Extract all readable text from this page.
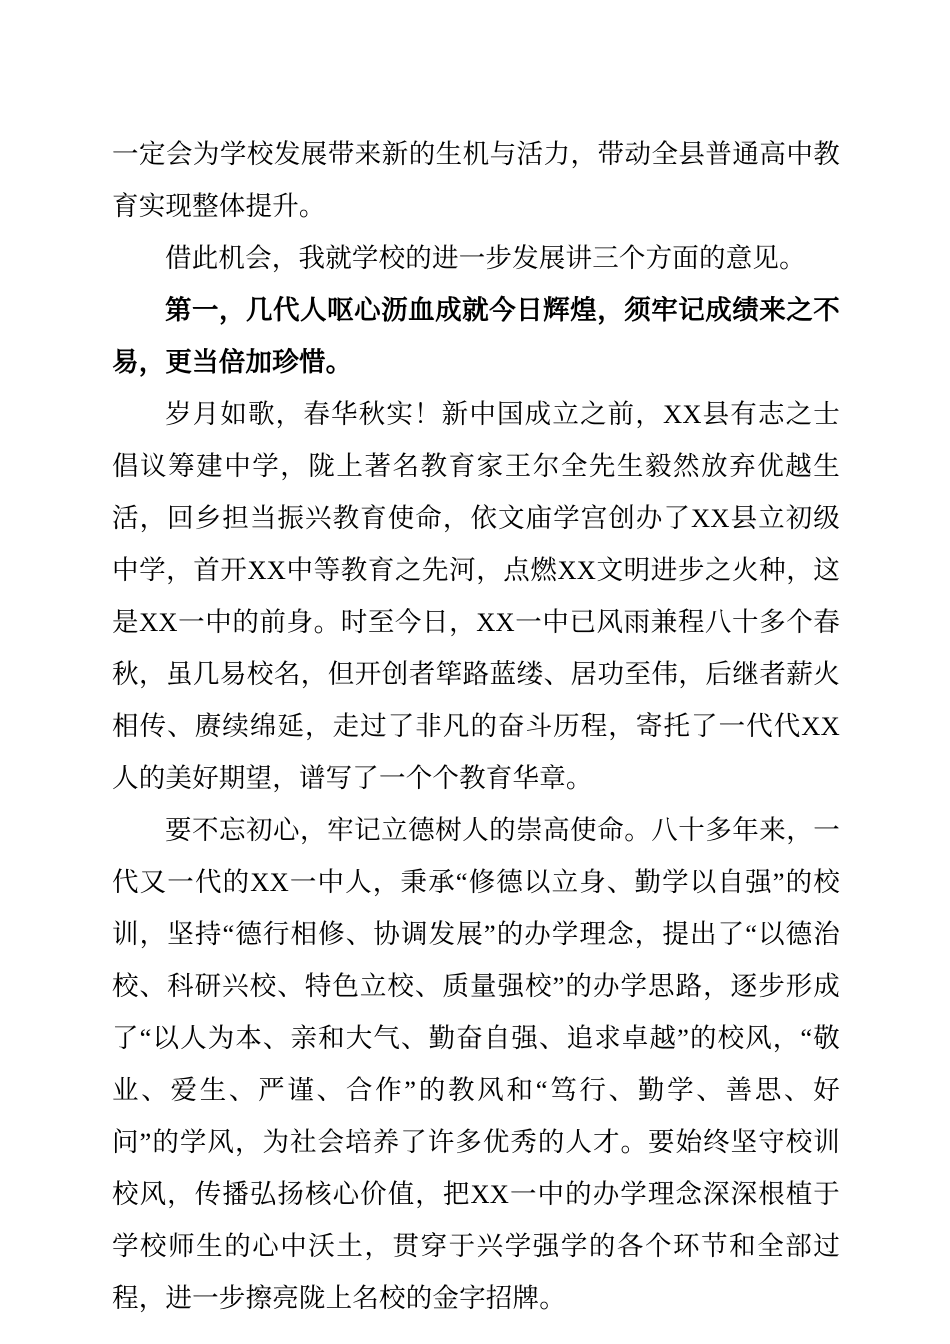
一定会为学校发展带来新的生机与活力，带动全县普通高中教育实现整体提升。

借此机会，我就学校的进一步发展讲三个方面的意见。

第一，几代人呕心沥血成就今日辉煌，须牢记成绩来之不易，更当倍加珍惜。

岁月如歌，春华秋实！新中国成立之前，XX县有志之士倡议筹建中学，陇上著名教育家王尔全先生毅然放弃优越生活，回乡担当振兴教育使命，依文庙学宫创办了XX县立初级中学，首开XX中等教育之先河，点燃XX文明进步之火种，这是XX一中的前身。时至今日，XX一中已风雨兼程八十多个春秋，虽几易校名，但开创者筚路蓝缕、居功至伟，后继者薪火相传、赓续绵延，走过了非凡的奋斗历程，寄托了一代代XX人的美好期望，谱写了一个个教育华章。

要不忘初心，牢记立德树人的崇高使命。八十多年来，一代又一代的XX一中人，秉承“修德以立身、勤学以自强”的校训，坚持“德行相修、协调发展”的办学理念，提出了“以德治校、科研兴校、特色立校、质量强校”的办学思路，逐步形成了“以人为本、亲和大气、勤奋自强、追求卓越”的校风，“敬业、爱生、严谨、合作”的教风和“笃行、勤学、善思、好问”的学风，为社会培养了许多优秀的人才。要始终坚守校训校风，传播弘扬核心价值，把XX一中的办学理念深深根植于学校师生的心中沃土，贯穿于兴学强学的各个环节和全部过程，进一步擦亮陇上名校的金字招牌。
